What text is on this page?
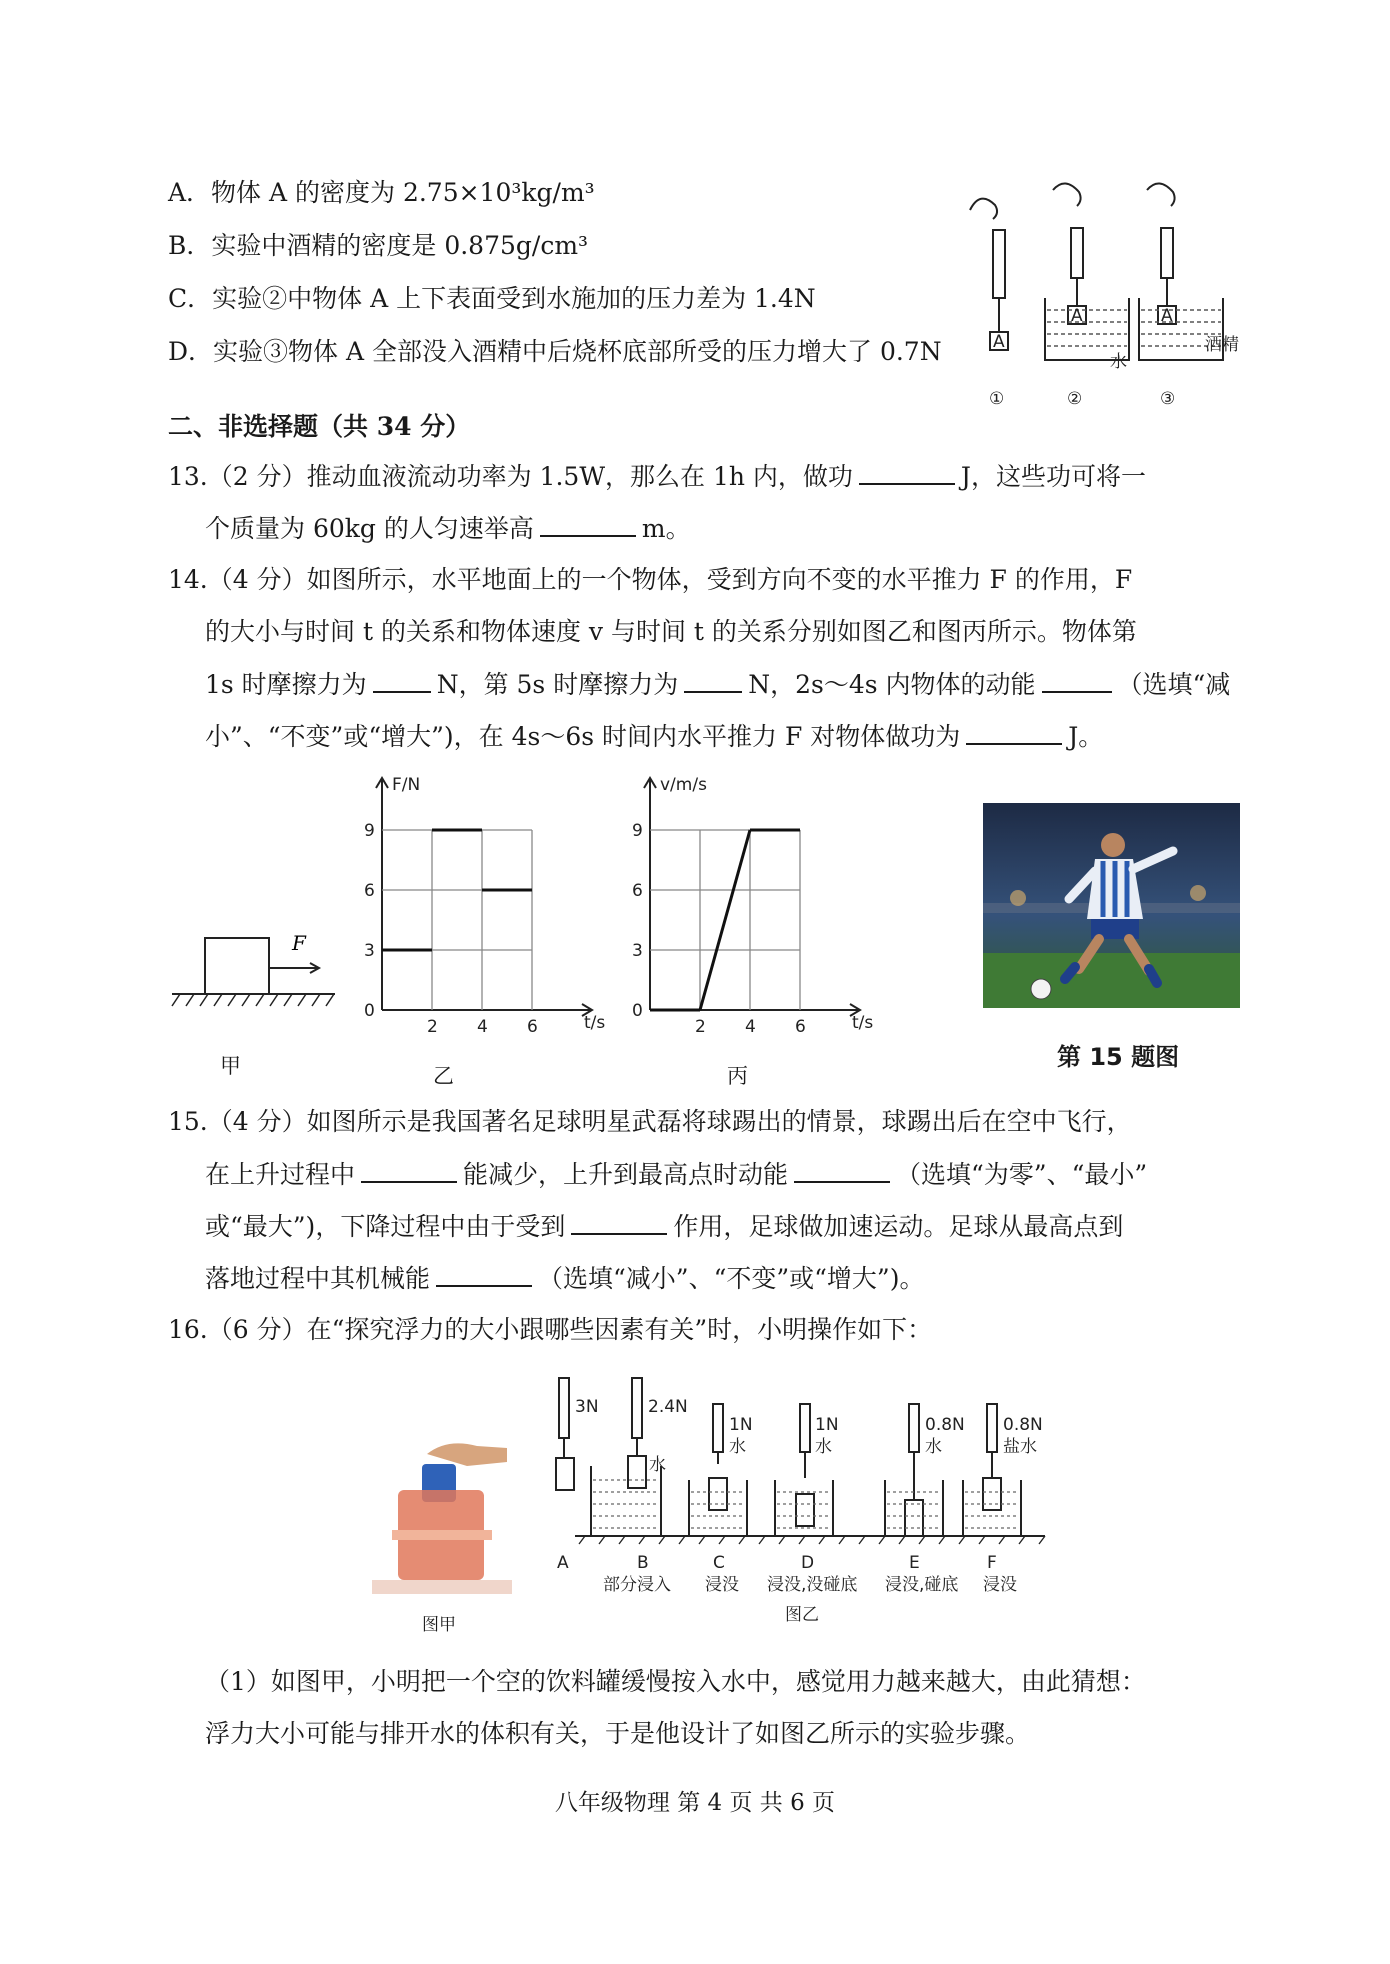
A．物体 A 的密度为 2.75×10³kg/m³
B．实验中酒精的密度是 0.875g/cm³
C．实验②中物体 A 上下表面受到水施加的压力差为 1.4N
D．实验③物体 A 全部没入酒精中后烧杯底部所受的压力增大了 0.7N	A
A	A
水
酒精
①	②	③
二、非选择题（共 34 分）
13.（2 分）推动血液流动功率为 1.5W，那么在 1h 内，做功	J，这些功可将一
个质量为 60kg 的人匀速举高	m。
14.（4 分）如图所示，水平地面上的一个物体，受到方向不变的水平推力 F 的作用，F
的大小与时间 t 的关系和物体速度 v 与时间 t 的关系分别如图乙和图丙所示。物体第
1s 时摩擦力为	N，第 5s 时摩擦力为	N，2s～4s 内物体的动能	（选填“减
小”、“不变”或“增大”)，在 4s～6s 时间内水平推力 F 对物体做功为	J。
F
甲
F/N
t/s
9
6
3
0
2 4 6
乙
v/m/s
t/s
9
6
3
0
2 4 6
丙
第 15 题图
15.（4 分）如图所示是我国著名足球明星武磊将球踢出的情景，球踢出后在空中飞行，
在上升过程中	能减少，上升到最高点时动能	（选填“为零”、“最小”
或“最大”)，下降过程中由于受到	作用，足球做加速运动。足球从最高点到
落地过程中其机械能	（选填“减小”、“不变”或“增大”)。
16.（6 分）在“探究浮力的大小跟哪些因素有关”时，小明操作如下：
图甲
3N	2.4N
1N	1N	0.8N 0.8N
水
水	水	水	盐水
A	B	C	D	E	F
部分浸入 浸没 浸没,没碰底 浸没,碰底 浸没
图乙
（1）如图甲，小明把一个空的饮料罐缓慢按入水中，感觉用力越来越大，由此猜想：
浮力大小可能与排开水的体积有关，于是他设计了如图乙所示的实验步骤。
八年级物理 第 4 页 共 6 页
